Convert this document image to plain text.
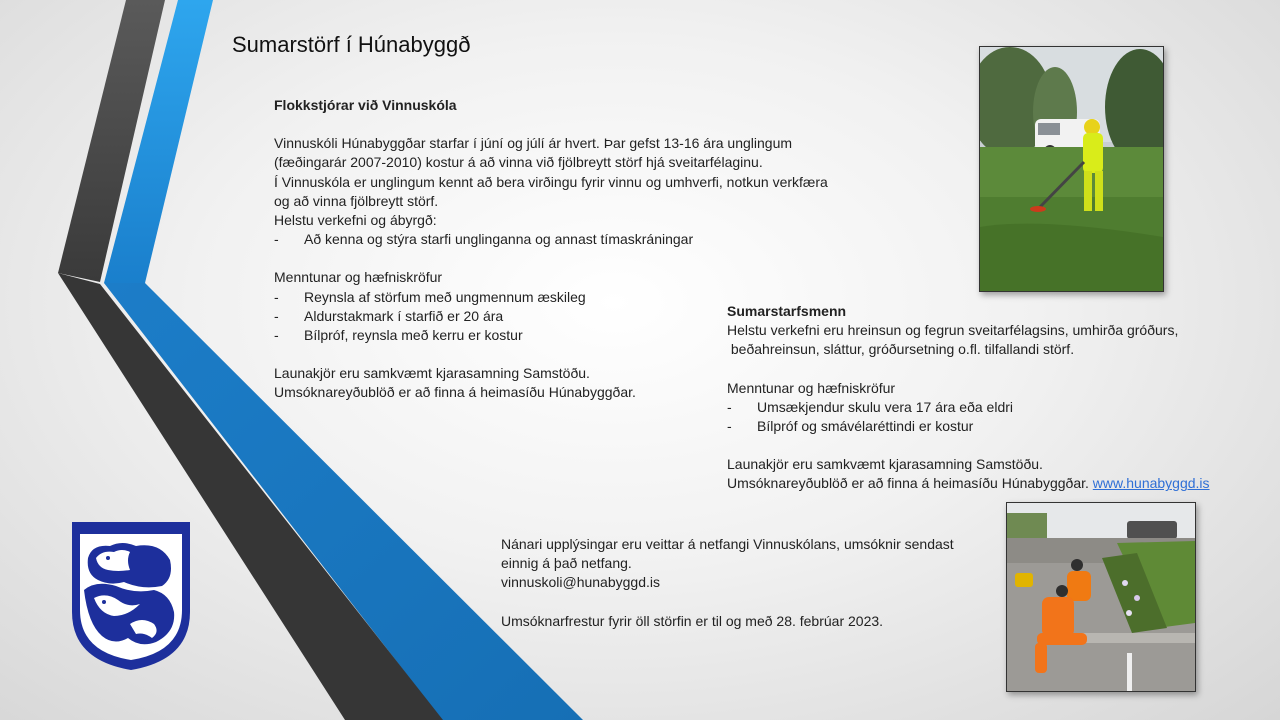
Sumarstörf í Húnabyggð
Flokkstjórar við Vinnuskóla
Vinnuskóli Húnabyggðar starfar í júní og júlí ár hvert. Þar gefst 13-16 ára unglingum
(fæðingarár 2007-2010) kostur á að vinna við fjölbreytt störf hjá sveitarfélaginu.
Í Vinnuskóla er unglingum kennt að bera virðingu fyrir vinnu og umhverfi, notkun verkfæra
og að vinna fjölbreytt störf.
Helstu verkefni og ábyrgð:
-	Að kenna og stýra starfi unglinganna og annast tímaskráningar
Menntunar og hæfniskröfur
-	Reynsla af störfum með ungmennum æskileg
-	Aldurstakmark í starfið er 20 ára
-	Bílpróf, reynsla með kerru er kostur
Launakjör eru samkvæmt kjarasamning Samstöðu.
Umsóknareyðublöð er að finna á heimasíðu Húnabyggðar.
Sumarstarfsmenn
Helstu verkefni eru hreinsun og fegrun sveitarfélagsins, umhirða gróðurs,
beðahreinsun, sláttur, gróðursetning o.fl. tilfallandi störf.
Menntunar og hæfniskröfur
-	Umsækjendur skulu vera 17 ára eða eldri
-	Bílpróf og smávélaréttindi er kostur
Launakjör eru samkvæmt kjarasamning Samstöðu.
Umsóknareyðublöð er að finna á heimasíðu Húnabyggðar. www.hunabyggd.is
Nánari upplýsingar eru veittar á netfangi Vinnuskólans, umsóknir sendast
einnig á það netfang.
vinnuskoli@hunabyggd.is
Umsóknarfrestur fyrir öll störfin er til og með 28. febrúar 2023.
